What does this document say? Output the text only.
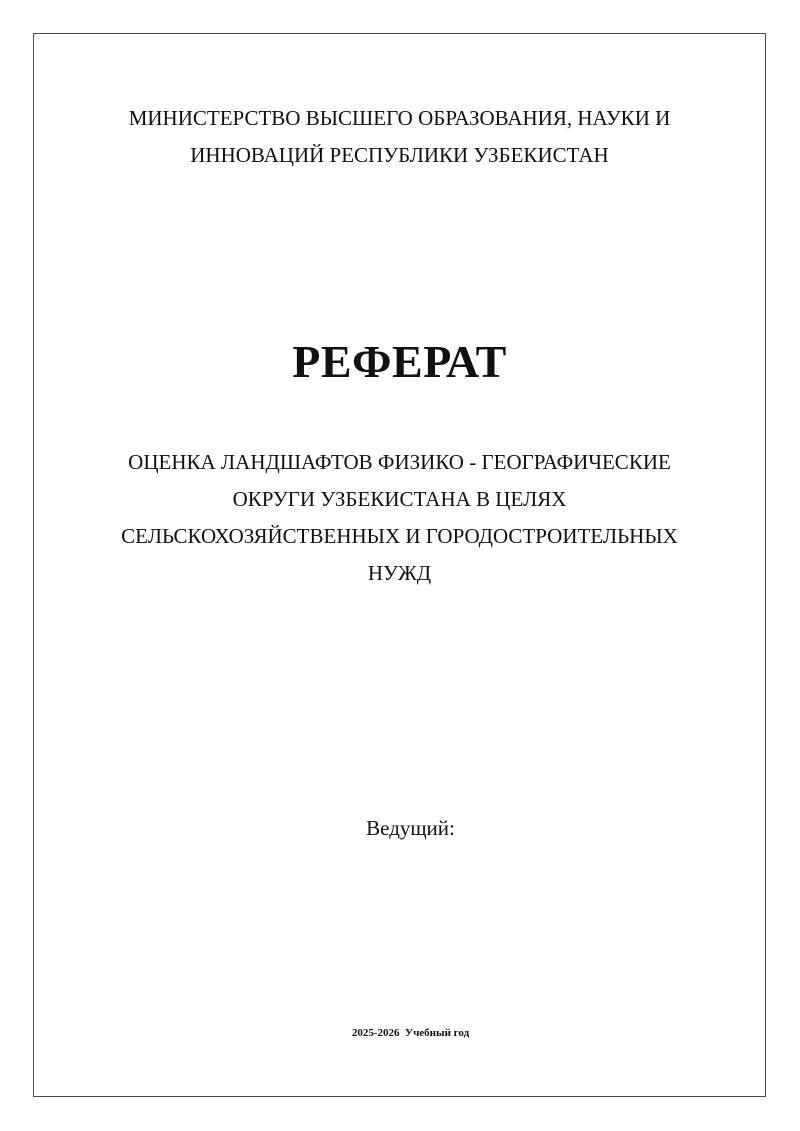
МИНИСТЕРСТВО ВЫСШЕГО ОБРАЗОВАНИЯ, НАУКИ И
ИННОВАЦИЙ РЕСПУБЛИКИ УЗБЕКИСТАН
РЕФЕРАТ
ОЦЕНКА ЛАНДШАФТОВ ФИЗИКО - ГЕОГРАФИЧЕСКИЕ
ОКРУГИ УЗБЕКИСТАНА В ЦЕЛЯХ
СЕЛЬСКОХОЗЯЙСТВЕННЫХ И ГОРОДОСТРОИТЕЛЬНЫХ
НУЖД
Ведущий:
2025-2026  Учебный год
